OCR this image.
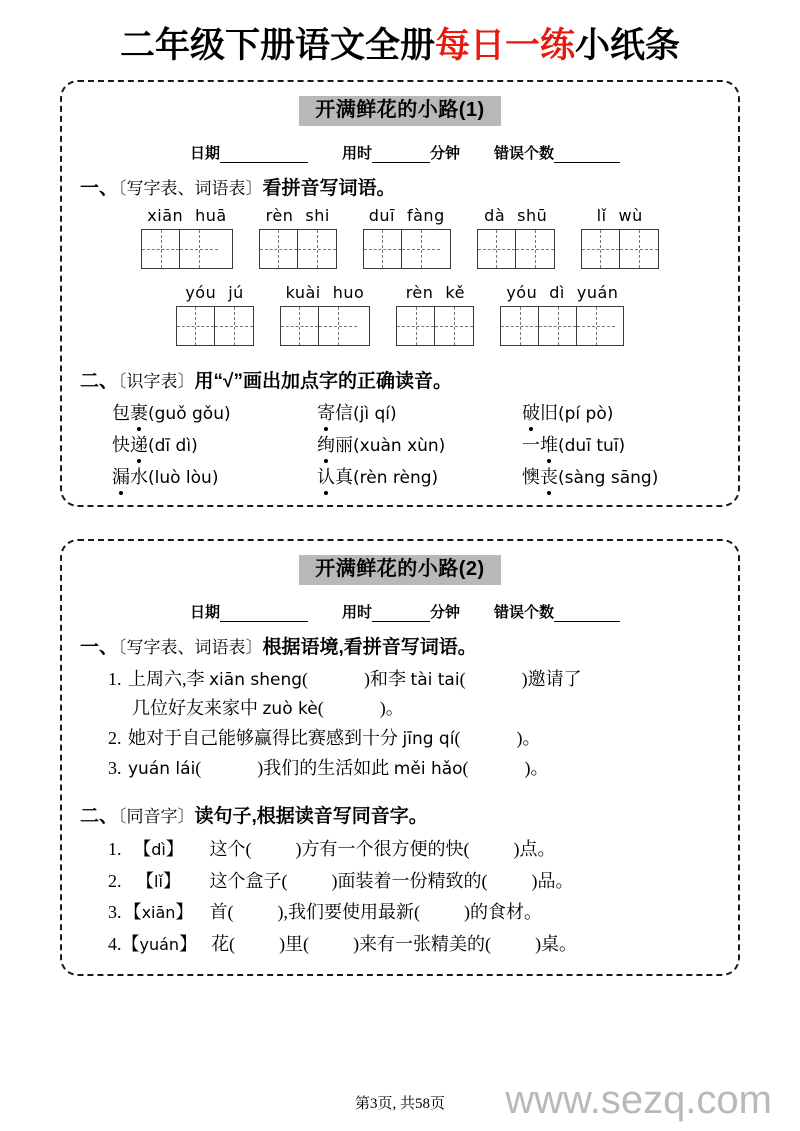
二年级下册语文全册每日一练小纸条
开满鲜花的小路(1)
日期	用时	分钟 错误个数
一、〔写字表、词语表〕看拼音写词语。
xiān huā	rèn shi	duī fàng	dà shū	lǐ wù
yóu jú	kuài huo	rèn kě	yóu dì yuán
二、〔识字表〕用“√”画出加点字的正确读音。
包裹(guǒ gǒu)	寄信(jì qí)	破旧(pí pò)
快递(dī dì)	绚丽(xuàn xùn)	一堆(duī tuī)
漏水(luò lòu)	认真(rèn rèng)	懊丧(sàng sāng)
开满鲜花的小路(2)
日期	用时	分钟 错误个数
一、〔写字表、词语表〕根据语境,看拼音写词语。
1. 上周六,李 xiān sheng(	)和李 tài tai(	)邀请了
几位好友来家中 zuò kè(	)。
2. 她对于自己能够赢得比赛感到十分 jīng qí(	)。
3. yuán lái(	)我们的生活如此 měi hǎo(	)。
二、〔同音字〕读句子,根据读音写同音字。
1. 【dì】 这个( )方有一个很方便的快( )点。
2. 【lǐ】 这个盒子( )面装着一份精致的( )品。
3. 【xiān】 首( ),我们要使用最新( )的食材。
4.【yuán】 花( )里( )来有一张精美的( )桌。
第3页, 共58页	www.sezq.com
